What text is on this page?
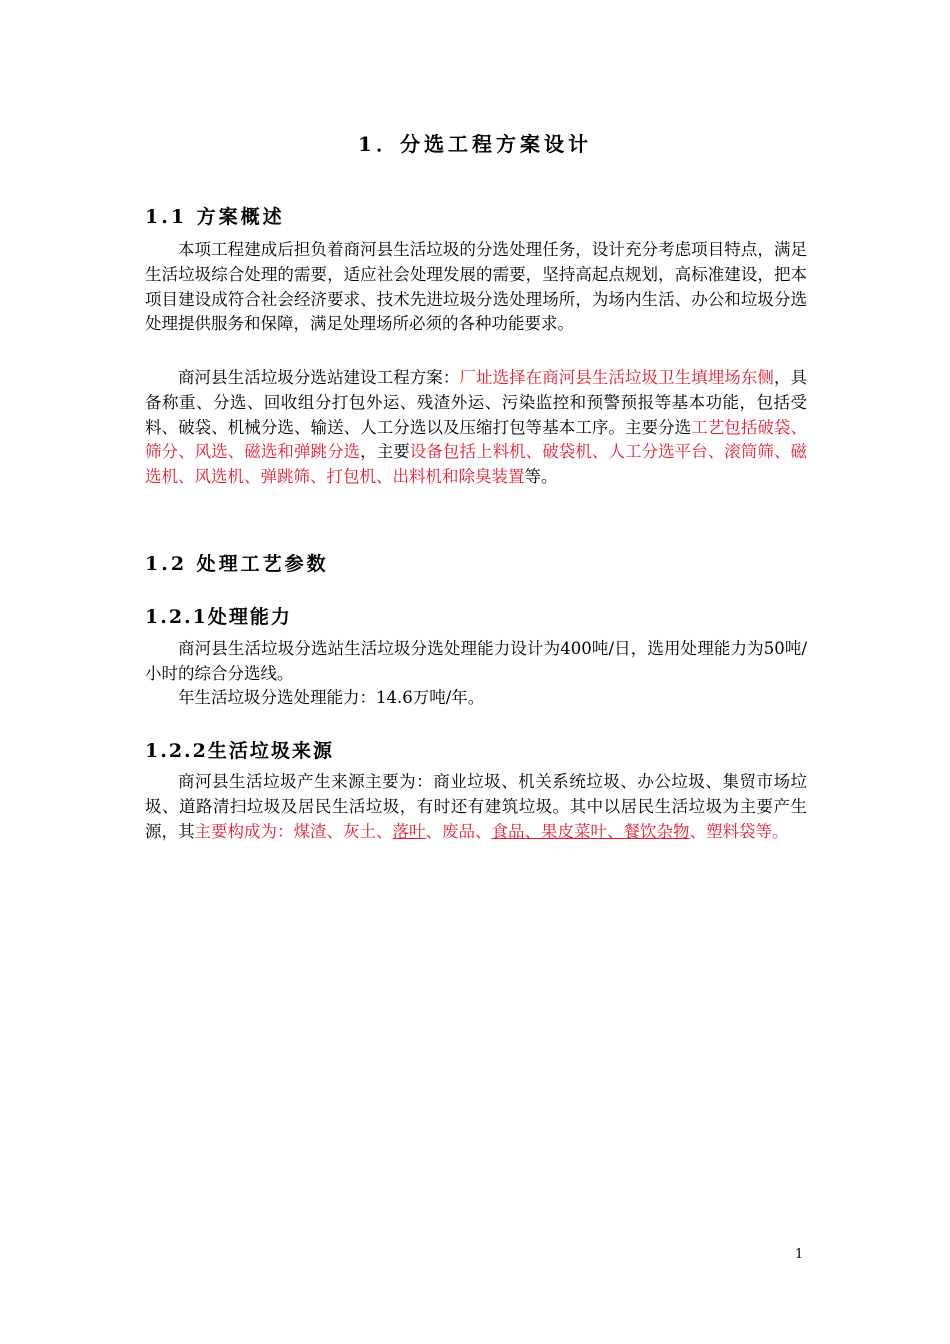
1．分选工程方案设计
1.1 方案概述

本项工程建成后担负着商河县生活垃圾的分选处理任务，设计充分考虑项目特点，满足生活垃圾综合处理的需要，适应社会处理发展的需要，坚持高起点规划，高标准建设，把本项目建设成符合社会经济要求、技术先进垃圾分选处理场所，为场内生活、办公和垃圾分选处理提供服务和保障，满足处理场所必须的各种功能要求。

商河县生活垃圾分选站建设工程方案：厂址选择在商河县生活垃圾卫生填埋场东侧，具备称重、分选、回收组分打包外运、残渣外运、污染监控和预警预报等基本功能，包括受料、破袋、机械分选、输送、人工分选以及压缩打包等基本工序。主要分选工艺包括破袋、筛分、风选、磁选和弹跳分选，主要设备包括上料机、破袋机、人工分选平台、滚筒筛、磁选机、风选机、弹跳筛、打包机、出料机和除臭装置等。

1.2 处理工艺参数
1.2.1处理能力

商河县生活垃圾分选站生活垃圾分选处理能力设计为400吨/日，选用处理能力为50吨/小时的综合分选线。

年生活垃圾分选处理能力：14.6万吨/年。

1.2.2生活垃圾来源

商河县生活垃圾产生来源主要为：商业垃圾、机关系统垃圾、办公垃圾、集贸市场垃圾、道路清扫垃圾及居民生活垃圾，有时还有建筑垃圾。其中以居民生活垃圾为主要产生源，其主要构成为：煤渣、灰土、落叶、废品、食品、果皮菜叶、餐饮杂物、塑料袋等。

1
